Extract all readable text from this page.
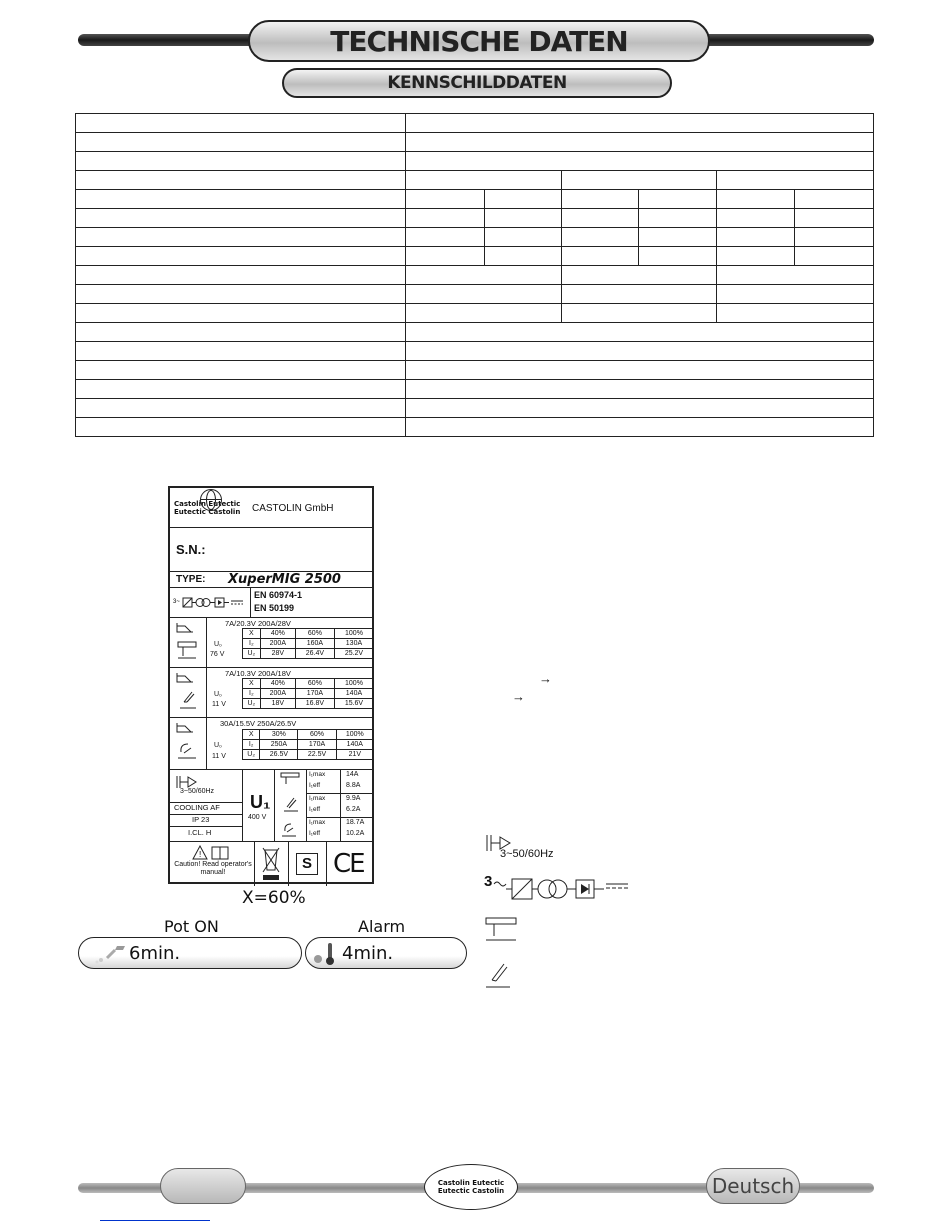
TECHNISCHE DATEN
KENNSCHILDDATEN

Castolin Eutectic
Eutectic Castolin CASTOLIN GmbH
S.N.:
TYPE: XuperMIG 2500
3~
EN 60974-1
EN 50199
7A/20.3V 200A/28V
U₀
76 V
X	40%	60%	100%
I₂	200A	160A	130A
U₂	28V	26.4V	25.2V
7A/10.3V 200A/18V
U₀
11 V
X	40%	60%	100%
I₂	200A	170A	140A
U₂	18V	16.8V	15.6V
30A/15.5V 250A/26.5V
U₀
11 V
X	30%	60%	100%
I₂	250A	170A	140A
U₂	26.5V	22.5V	21V
3~50/60Hz
COOLING AF
IP 23
I.CL. H
U₁
400 V
I₁max	14A
I₁eff	8.8A
I₁max	9.9A
I₁eff	6.2A
I₁max	18.7A
I₁eff	10.2A
!
Caution! Read operator's manual!
S CE
X=60%
Pot ON
6min.
Alarm
4min.
→
→
3~50/60Hz
3
Castolin Eutectic
Eutectic Castolin	Deutsch
